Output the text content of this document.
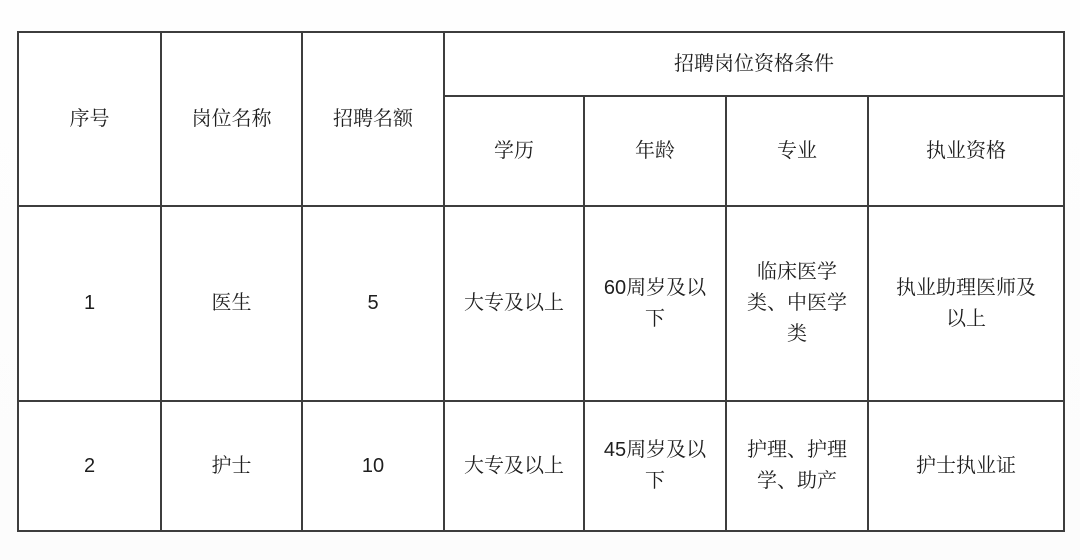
序号	岗位名称	招聘名额	招聘岗位资格条件			
			学历	年龄	专业	执业资格
1	医生	5	大专及以上	60周岁及以下	临床医学类、中医学类	执业助理医师及以上
2	护士	10	大专及以上	45周岁及以下	护理、护理学、助产	护士执业证
